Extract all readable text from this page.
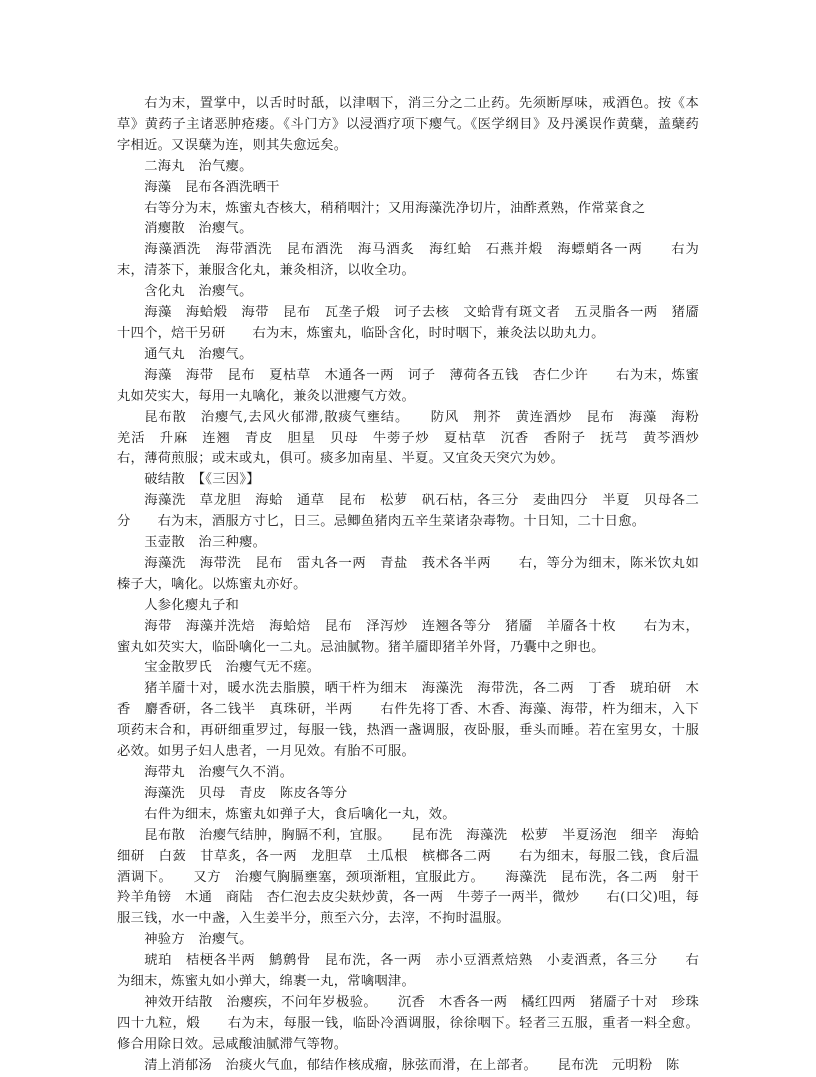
右为末，置掌中，以舌时时舐，以津咽下，消三分之二止药。先须断厚味，戒酒色。按《本草》黄药子主诸恶肿疮瘘。《斗门方》以浸酒疗项下瘿气。《医学纲目》及丹溪误作黄蘖，盖蘖药字相近。又误蘖为连，则其失愈远矣。

二海丸　治气瘿。

海藻　昆布各酒洗晒干

右等分为末，炼蜜丸杏核大，稍稍咽汁；又用海藻洗净切片，油酢煮熟，作常菜食之

消瘿散　治瘿气。

海藻酒洗　海带酒洗　昆布酒洗　海马酒炙　海红蛤　石燕并煅　海螵蛸各一两　　右为末，清茶下，兼服含化丸，兼灸相济，以收全功。

含化丸　治瘿气。

海藻　海蛤煅　海带　昆布　瓦垄子煅　诃子去核　文蛤背有斑文者　五灵脂各一两　猪靥十四个，焙干另研　　右为末，炼蜜丸，临卧含化，时时咽下，兼灸法以助丸力。

通气丸　治瘿气。

海藻　海带　昆布　夏枯草　木通各一两　诃子　薄荷各五钱　杏仁少许　　右为末，炼蜜丸如芡实大，每用一丸噙化，兼灸以泄瘿气方效。

昆布散　治瘿气,去风火郁滞,散痰气壅结。　　防风　荆芥　黄连酒炒　昆布　海藻　海粉　羌活　升麻　连翘　青皮　胆星　贝母　牛蒡子炒　夏枯草　沉香　香附子　抚芎　黄芩酒炒　　右，薄荷煎服；或末或丸，俱可。痰多加南星、半夏。又宜灸天突穴为妙。

破结散　【《三因》】

海藻洗　草龙胆　海蛤　通草　昆布　松萝　矾石枯，各三分　麦曲四分　半夏　贝母各二分　　右为末，酒服方寸匕，日三。忌鲫鱼猪肉五辛生菜诸杂毒物。十日知，二十日愈。

玉壶散　治三种瘿。

海藻洗　海带洗　昆布　雷丸各一两　青盐　莪术各半两　　右，等分为细末，陈米饮丸如榛子大，噙化。以炼蜜丸亦好。

人参化瘿丸子和

海带　海藻并洗焙　海蛤焙　昆布　泽泻炒　连翘各等分　猪靥　羊靥各十枚　　右为末，蜜丸如芡实大，临卧噙化一二丸。忌油腻物。猪羊靥即猪羊外肾，乃囊中之卵也。

宝金散罗氏　治瘿气无不瘥。

猪羊靥十对，暖水洗去脂膜，晒干杵为细末　海藻洗　海带洗，各二两　丁香　琥珀研　木香　麝香研，各二钱半　真珠研，半两　　右件先将丁香、木香、海藻、海带，杵为细末，入下项药末合和，再研细重罗过，每服一钱，热酒一盏调服，夜卧服，垂头而睡。若在室男女，十服必效。如男子妇人患者，一月见效。有胎不可服。

海带丸　治瘿气久不消。

海藻洗　贝母　青皮　陈皮各等分

右件为细末，炼蜜丸如弹子大，食后噙化一丸，效。

昆布散　治瘿气结肿，胸膈不利，宜服。　　昆布洗　海藻洗　松萝　半夏汤泡　细辛　海蛤细研　白蔹　甘草炙，各一两　龙胆草　土瓜根　槟榔各二两　　右为细末，每服二钱，食后温酒调下。　　又方　治瘿气胸膈壅塞，颈项渐粗，宜服此方。　　海藻洗　昆布洗，各二两　射干　羚羊角镑　木通　商陆　杏仁泡去皮尖麸炒黄，各一两　牛蒡子一两半，微炒　　右(口父)咀，每服三钱，水一中盏，入生姜半分，煎至六分，去滓，不拘时温服。

神验方　治瘿气。

琥珀　桔梗各半两　鹪鹩骨　昆布洗，各一两　赤小豆酒煮焙熟　小麦酒煮，各三分　　右为细末，炼蜜丸如小弹大，绵裹一丸，常噙咽津。

神效开结散　治瘿疾，不问年岁极验。　　沉香　木香各一两　橘红四两　猪靥子十对　珍珠四十九粒，煅　　右为末，每服一钱，临卧冷酒调服，徐徐咽下。轻者三五服，重者一料全愈。修合用除日效。忌咸酸油腻滞气等物。

清上消郁汤　治痰火气血，郁结作核成瘤，脉弦而滑，在上部者。　　昆布洗　元明粉　陈
